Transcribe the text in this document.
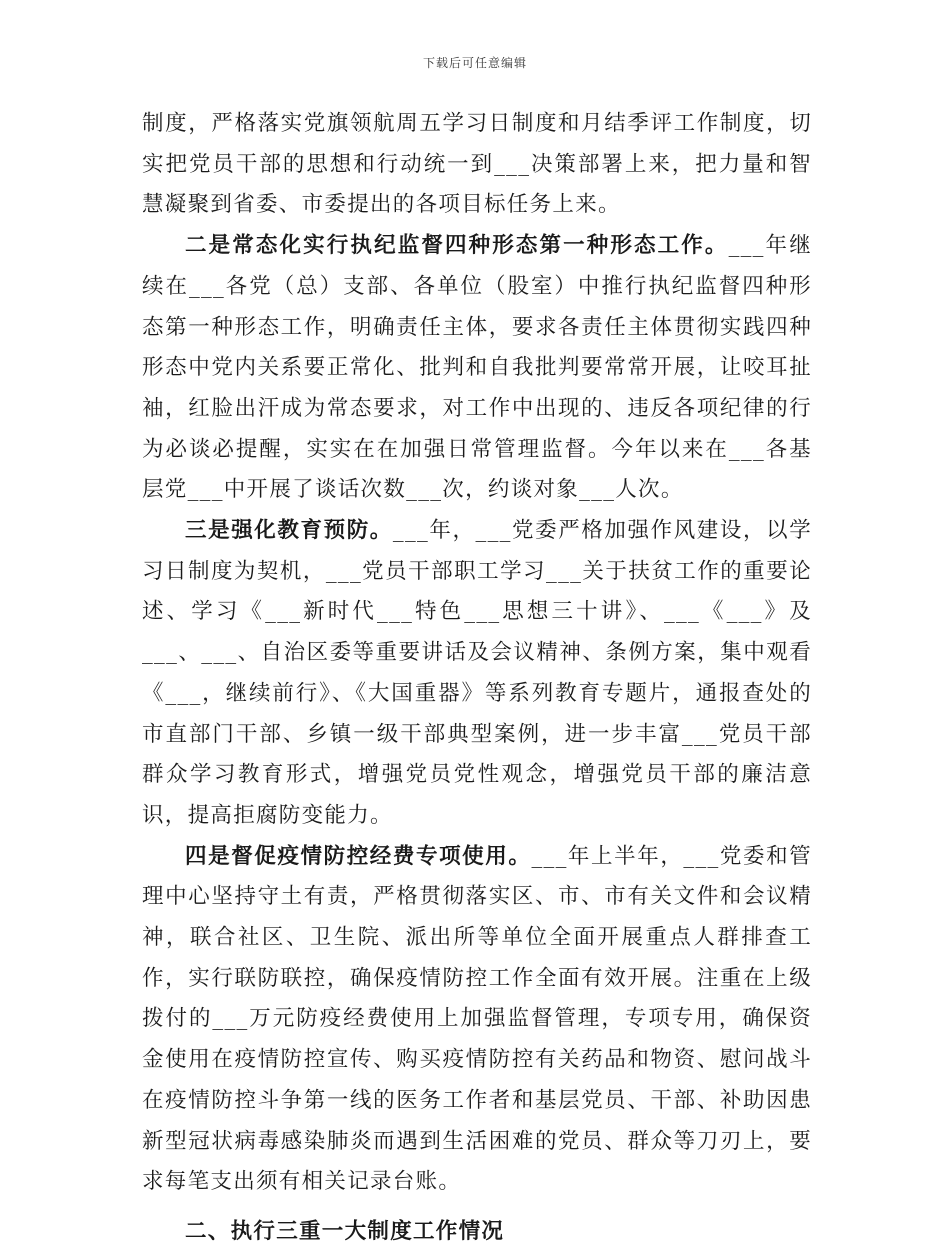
下载后可任意编辑

制度，严格落实党旗领航周五学习日制度和月结季评工作制度，切实把党员干部的思想和行动统一到___决策部署上来，把力量和智慧凝聚到省委、市委提出的各项目标任务上来。

二是常态化实行执纪监督四种形态第一种形态工作。___年继续在___各党（总）支部、各单位（股室）中推行执纪监督四种形态第一种形态工作，明确责任主体，要求各责任主体贯彻实践四种形态中党内关系要正常化、批判和自我批判要常常开展，让咬耳扯袖，红脸出汗成为常态要求，对工作中出现的、违反各项纪律的行为必谈必提醒，实实在在加强日常管理监督。今年以来在___各基层党___中开展了谈话次数___次，约谈对象___人次。

三是强化教育预防。___年，___党委严格加强作风建设，以学习日制度为契机，___党员干部职工学习___关于扶贫工作的重要论述、学习《___新时代___特色___思想三十讲》、___《___》及___、___、自治区委等重要讲话及会议精神、条例方案，集中观看《___，继续前行》、《大国重器》等系列教育专题片，通报查处的市直部门干部、乡镇一级干部典型案例，进一步丰富___党员干部群众学习教育形式，增强党员党性观念，增强党员干部的廉洁意识，提高拒腐防变能力。

四是督促疫情防控经费专项使用。___年上半年，___党委和管理中心坚持守土有责，严格贯彻落实区、市、市有关文件和会议精神，联合社区、卫生院、派出所等单位全面开展重点人群排查工作，实行联防联控，确保疫情防控工作全面有效开展。注重在上级拨付的___万元防疫经费使用上加强监督管理，专项专用，确保资金使用在疫情防控宣传、购买疫情防控有关药品和物资、慰问战斗在疫情防控斗争第一线的医务工作者和基层党员、干部、补助因患新型冠状病毒感染肺炎而遇到生活困难的党员、群众等刀刃上，要求每笔支出须有相关记录台账。

二、执行三重一大制度工作情况
